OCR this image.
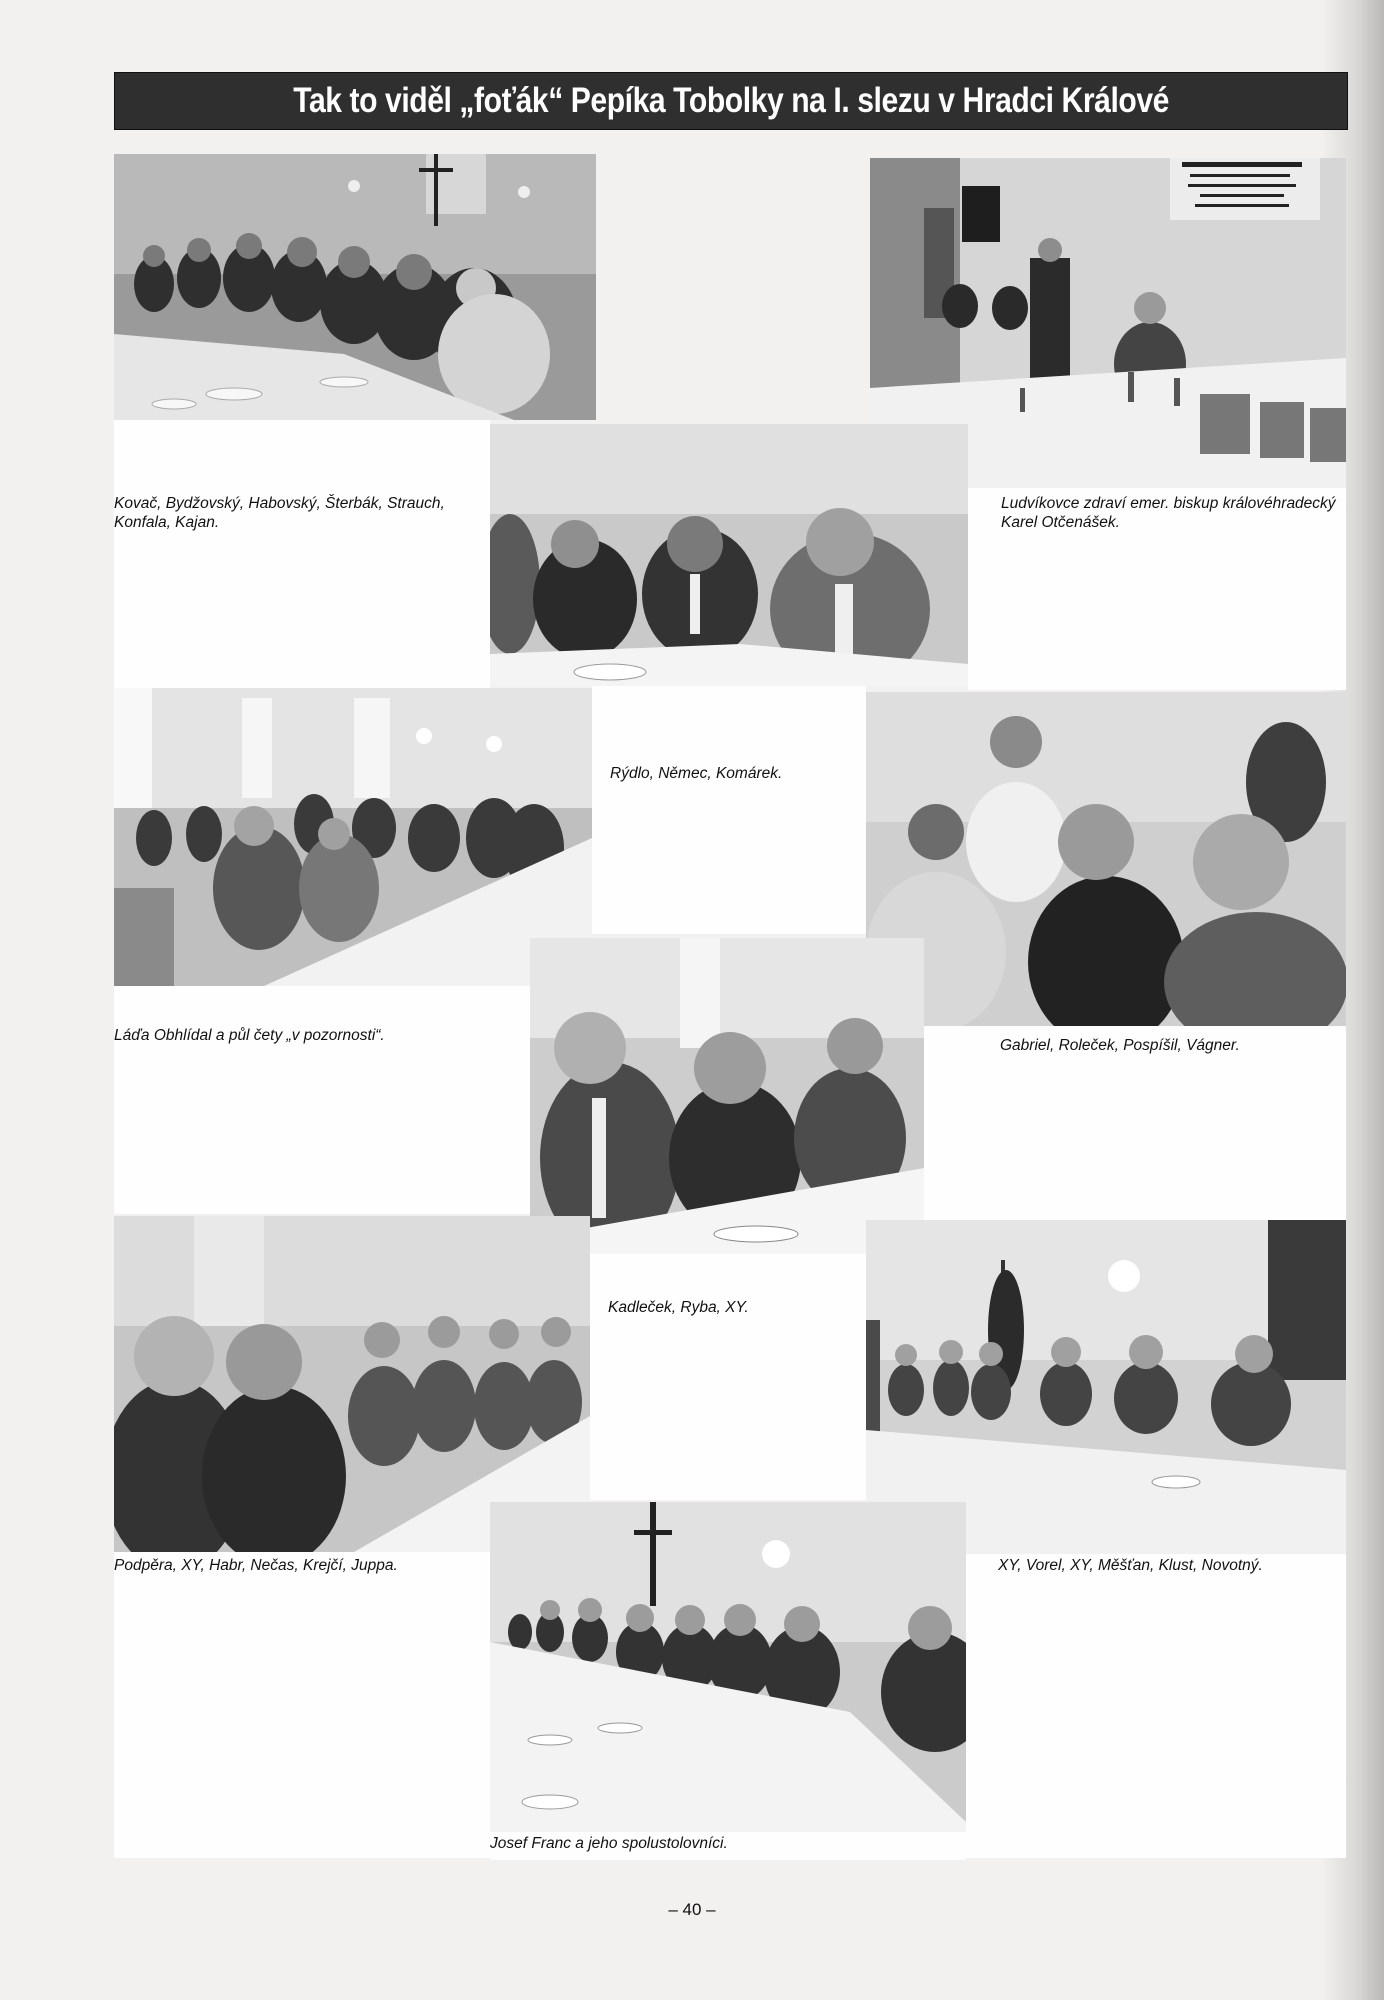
Tak to viděl „foťák“ Pepíka Tobolky na I. slezu v Hradci Králové
Kovač, Bydžovský, Habovský, Šterbák, Strauch, Konfala, Kajan.
Ludvíkovce zdraví emer. biskup královéhradecký Karel Otčenášek.
Rýdlo, Němec, Komárek.
Láďa Obhlídal a půl čety „v pozornosti“.
Gabriel, Roleček, Pospíšil, Vágner.
Kadleček, Ryba, XY.
Podpěra, XY, Habr, Nečas, Krejčí, Juppa.	XY, Vorel, XY, Měšťan, Klust, Novotný.
Josef Franc a jeho spolustolovníci.
– 40 –
